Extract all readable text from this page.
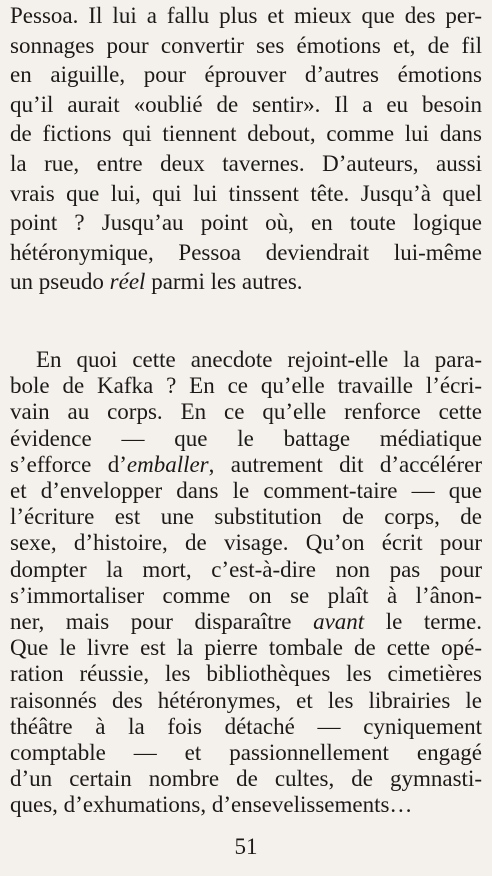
Pessoa. Il lui a fallu plus et mieux que des per-
sonnages pour convertir ses émotions et, de fil
en aiguille, pour éprouver d’autres émotions
qu’il aurait «oublié de sentir». Il a eu besoin
de fictions qui tiennent debout, comme lui dans
la rue, entre deux tavernes. D’auteurs, aussi
vrais que lui, qui lui tinssent tête. Jusqu’à quel
point ? Jusqu’au point où, en toute logique
hétéronymique, Pessoa deviendrait lui-même
un pseudo réel parmi les autres.
En quoi cette anecdote rejoint-elle la para-
bole de Kafka ? En ce qu’elle travaille l’écri-
vain au corps. En ce qu’elle renforce cette
évidence — que le battage médiatique
s’efforce d’emballer, autrement dit d’accélérer
et d’envelopper dans le comment-taire — que
l’écriture est une substitution de corps, de
sexe, d’histoire, de visage. Qu’on écrit pour
dompter la mort, c’est-à-dire non pas pour
s’immortaliser comme on se plaît à l’ânon-
ner, mais pour disparaître avant le terme.
Que le livre est la pierre tombale de cette opé-
ration réussie, les bibliothèques les cimetières
raisonnés des hétéronymes, et les librairies le
théâtre à la fois détaché — cyniquement
comptable — et passionnellement engagé
d’un certain nombre de cultes, de gymnasti-
ques, d’exhumations, d’ensevelissements…
51
